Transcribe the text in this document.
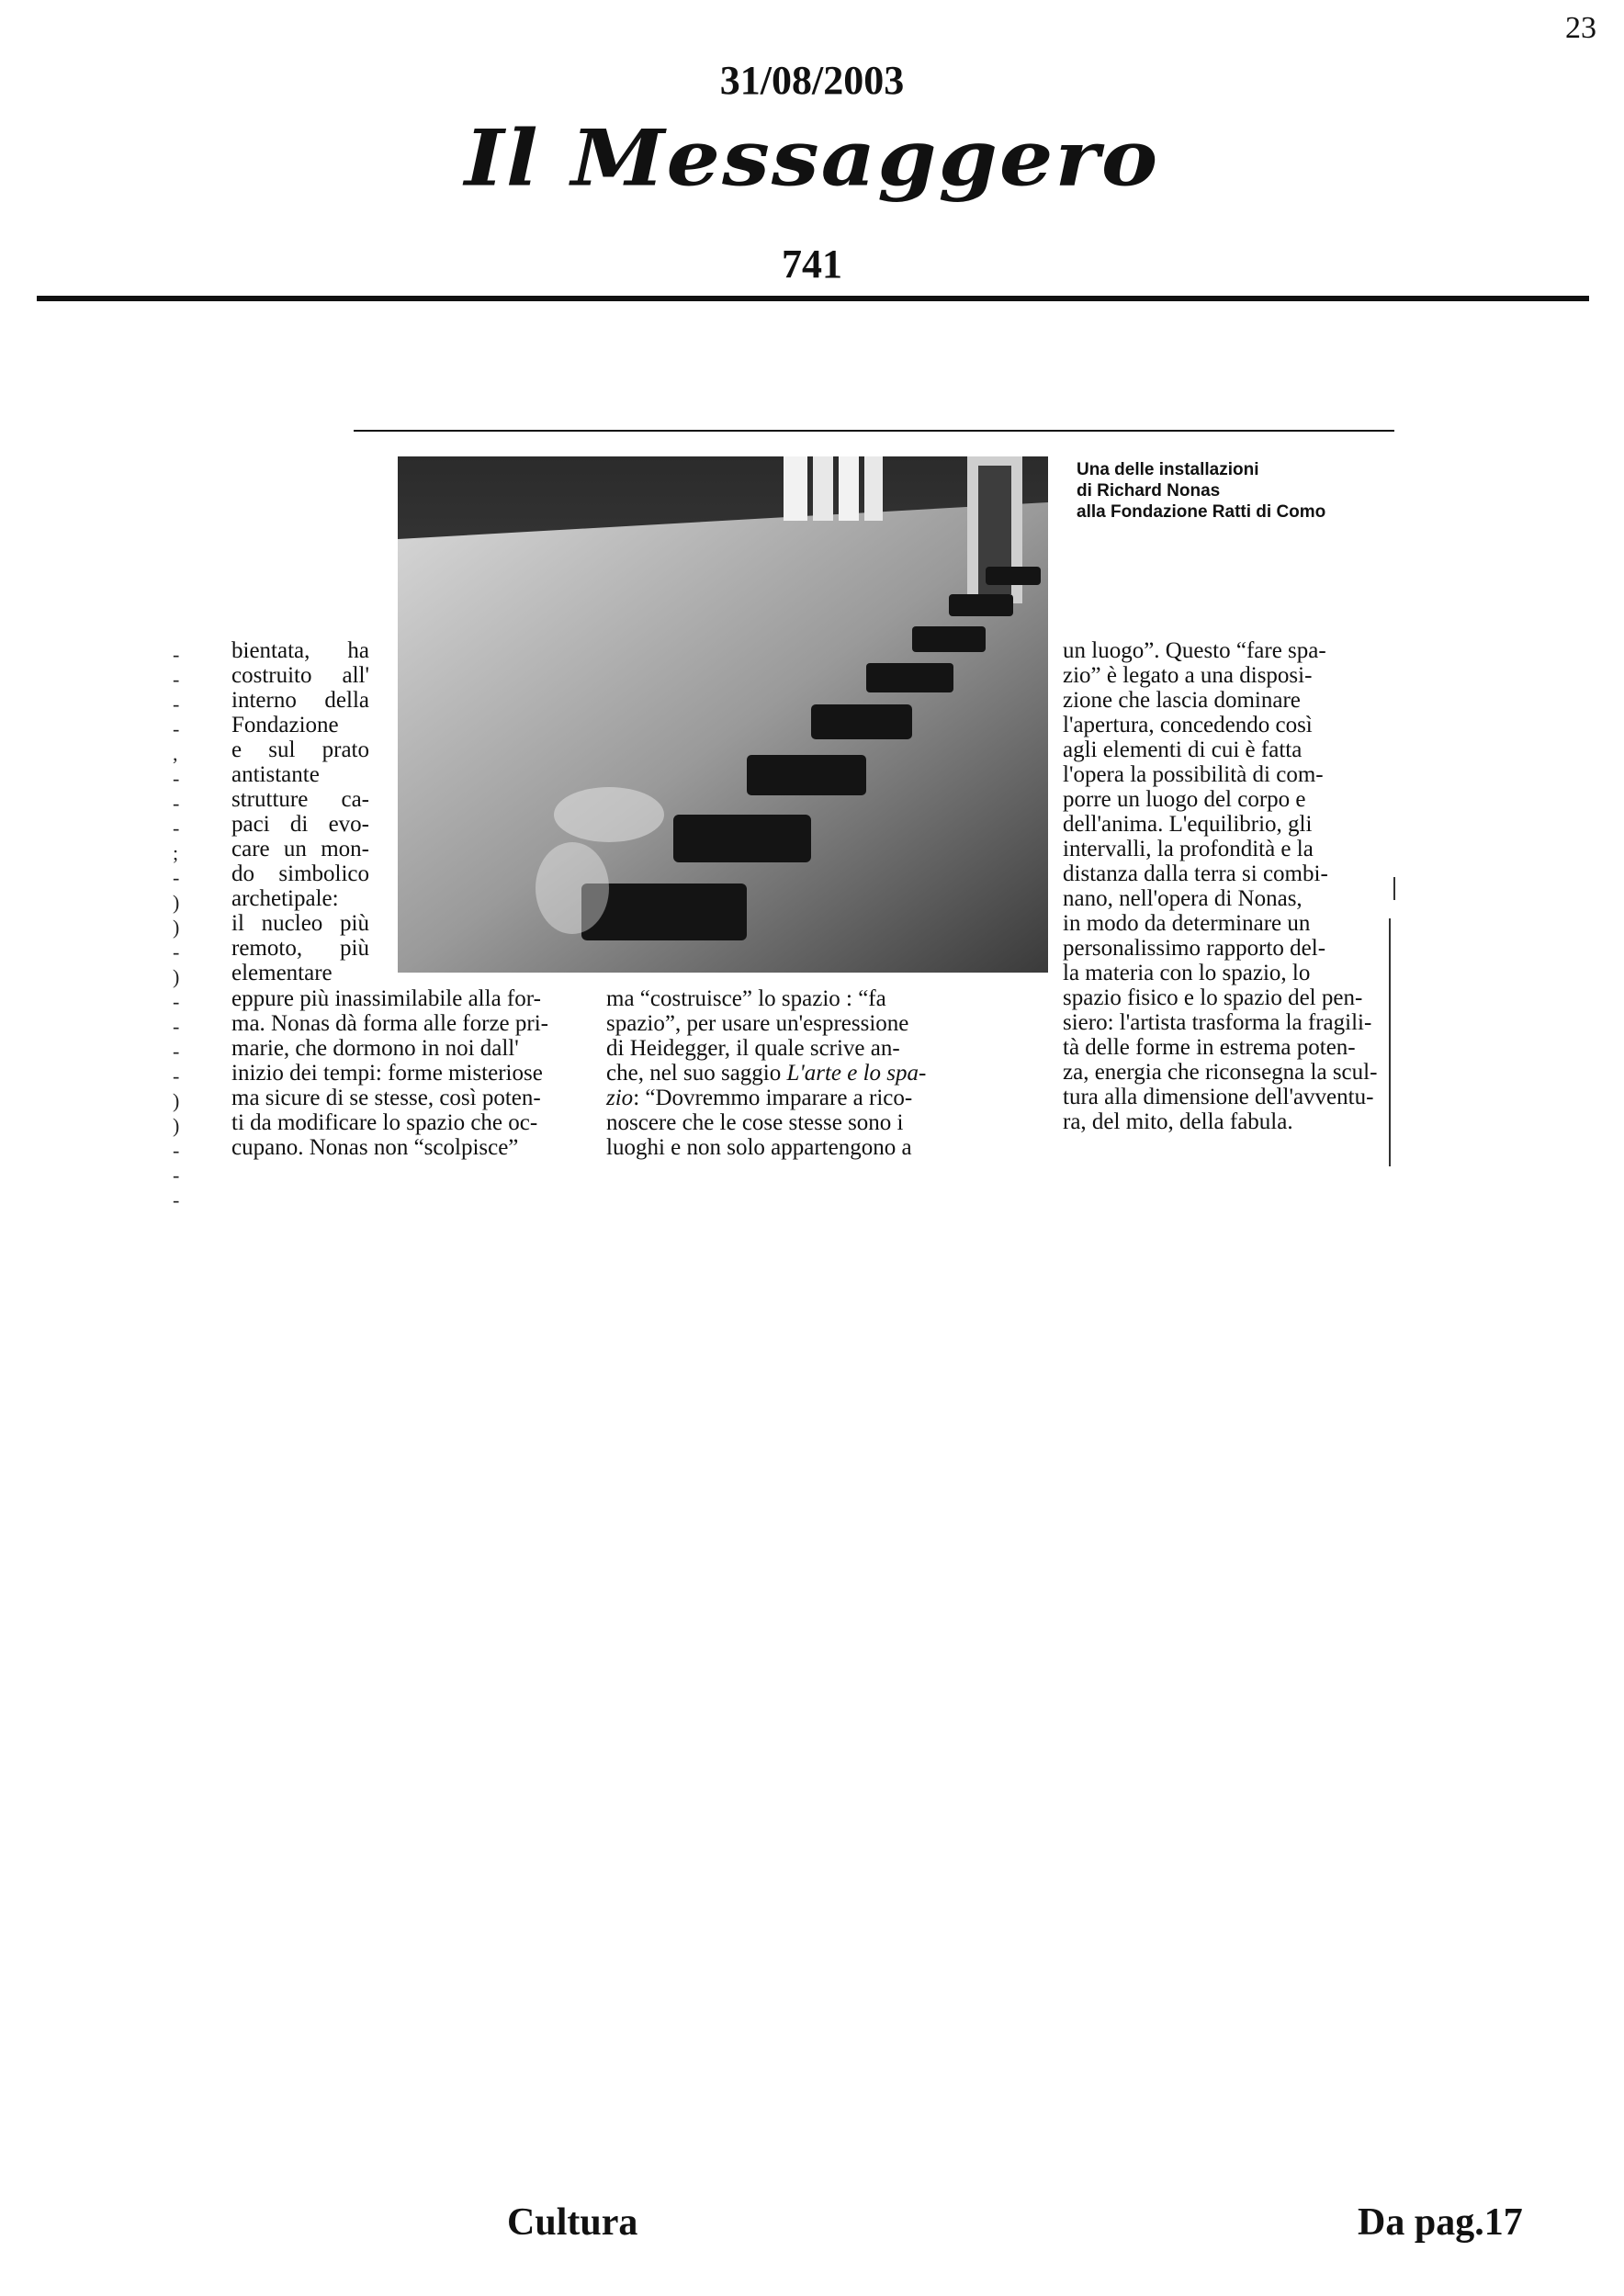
23
31/08/2003
Il Messaggero
741
Una delle installazioni
di Richard Nonas
alla Fondazione Ratti di Como
-
-
-
-
,
-
-
-
;
-
)
)
-
)
-
-
-
-
)
)
-
-
-
bientata, ha
costruito all'
interno della
Fondazione
e sul prato
antistante
strutture ca-
paci di evo-
care un mon-
do simbolico
archetipale:
il nucleo più
remoto, più
elementare
eppure più inassimilabile alla for-
ma. Nonas dà forma alle forze pri-
marie, che dormono in noi dall'
inizio dei tempi: forme misteriose
ma sicure di se stesse, così poten-
ti da modificare lo spazio che oc-
cupano. Nonas non “scolpisce”
ma “costruisce” lo spazio : “fa
spazio”, per usare un'espressione
di Heidegger, il quale scrive an-
che, nel suo saggio L'arte e lo spa-
zio: “Dovremmo imparare a rico-
noscere che le cose stesse sono i
luoghi e non solo appartengono a
un luogo”. Questo “fare spa-
zio” è legato a una disposi-
zione che lascia dominare
l'apertura, concedendo così
agli elementi di cui è fatta
l'opera la possibilità di com-
porre un luogo del corpo e
dell'anima. L'equilibrio, gli
intervalli, la profondità e la
distanza dalla terra si combi-
nano, nell'opera di Nonas,
in modo da determinare un
personalissimo rapporto del-
la materia con lo spazio, lo
spazio fisico e lo spazio del pen-
siero: l'artista trasforma la fragili-
tà delle forme in estrema poten-
za, energia che riconsegna la scul-
tura alla dimensione dell'avventu-
ra, del mito, della fabula.
Cultura	Da pag.17
